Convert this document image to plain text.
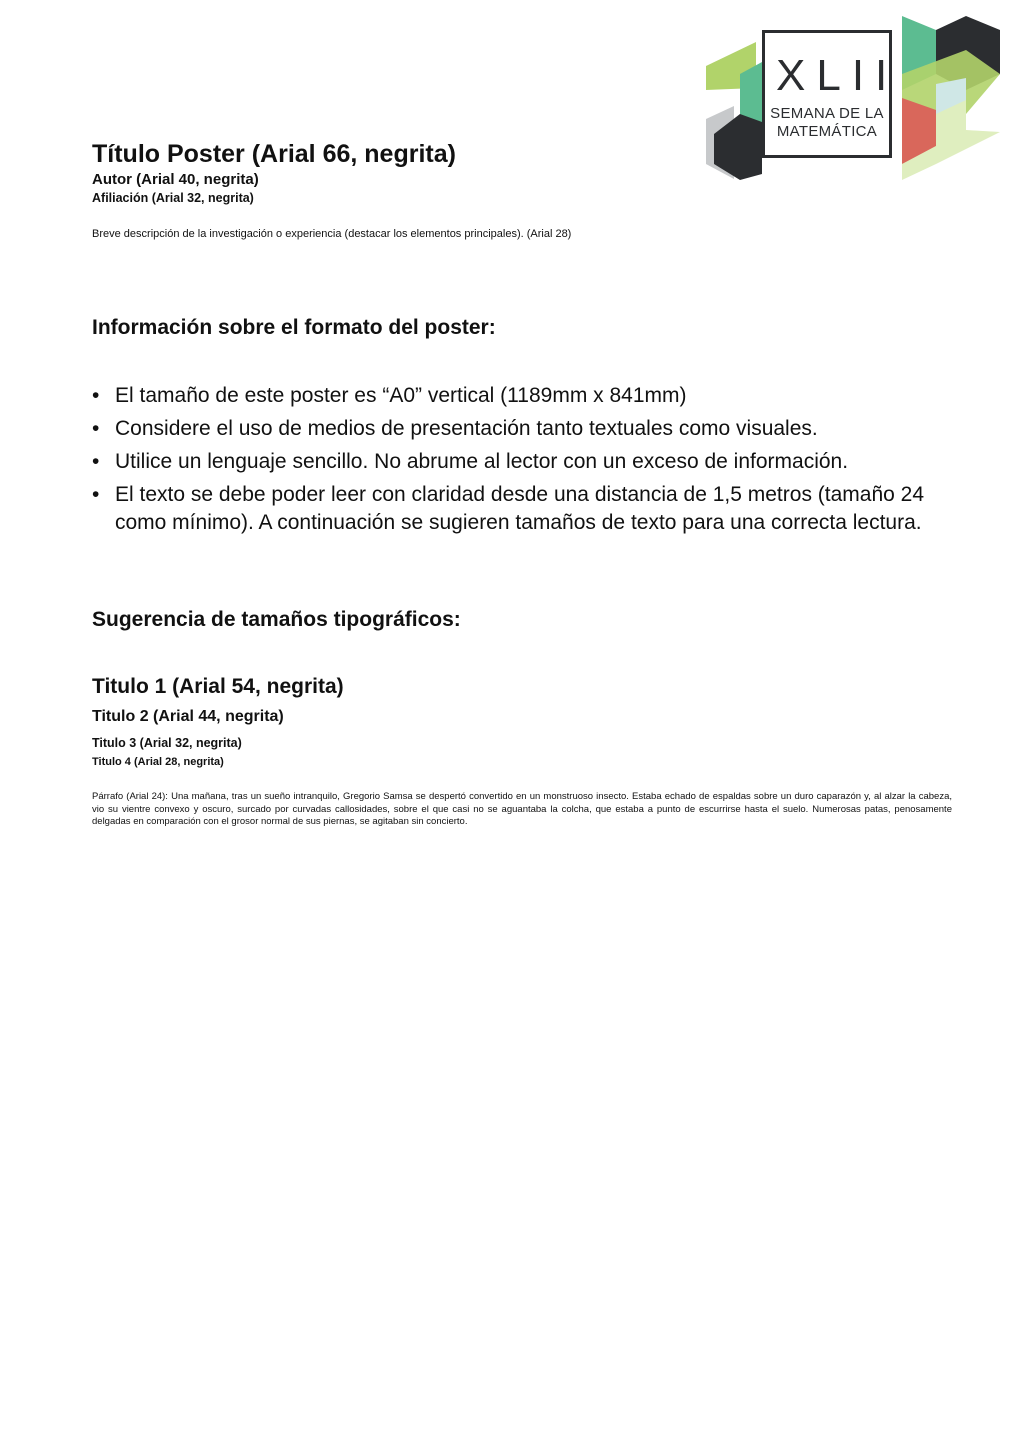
XLII
SEMANA DE LA
MATEMÁTICA
Título Poster (Arial 66, negrita)
Autor (Arial 40, negrita)
Afiliación (Arial 32, negrita)
Breve descripción de la investigación o experiencia (destacar los elementos principales). (Arial 28)
Información sobre el formato del poster:
• El tamaño de este poster es “A0” vertical (1189mm x 841mm)
• Considere el uso de medios de presentación tanto textuales como visuales.
• Utilice un lenguaje sencillo. No abrume al lector con un exceso de información.
• El texto se debe poder leer con claridad desde una distancia de 1,5 metros (tamaño 24 como mínimo). A continuación se sugieren tamaños de texto para una correcta lectura.
Sugerencia de tamaños tipográficos:
Titulo 1 (Arial 54, negrita)
Titulo 2 (Arial 44, negrita)
Titulo 3 (Arial 32, negrita)
Titulo 4 (Arial 28, negrita)

Párrafo (Arial 24): Una mañana, tras un sueño intranquilo, Gregorio Samsa se despertó convertido en un monstruoso insecto. Estaba echado de espaldas sobre un duro caparazón y, al alzar la cabeza, vio su vientre convexo y oscuro, surcado por curvadas callosidades, sobre el que casi no se aguantaba la colcha, que estaba a punto de escurrirse hasta el suelo. Numerosas patas, penosamente delgadas en comparación con el grosor normal de sus piernas, se agitaban sin concierto.
